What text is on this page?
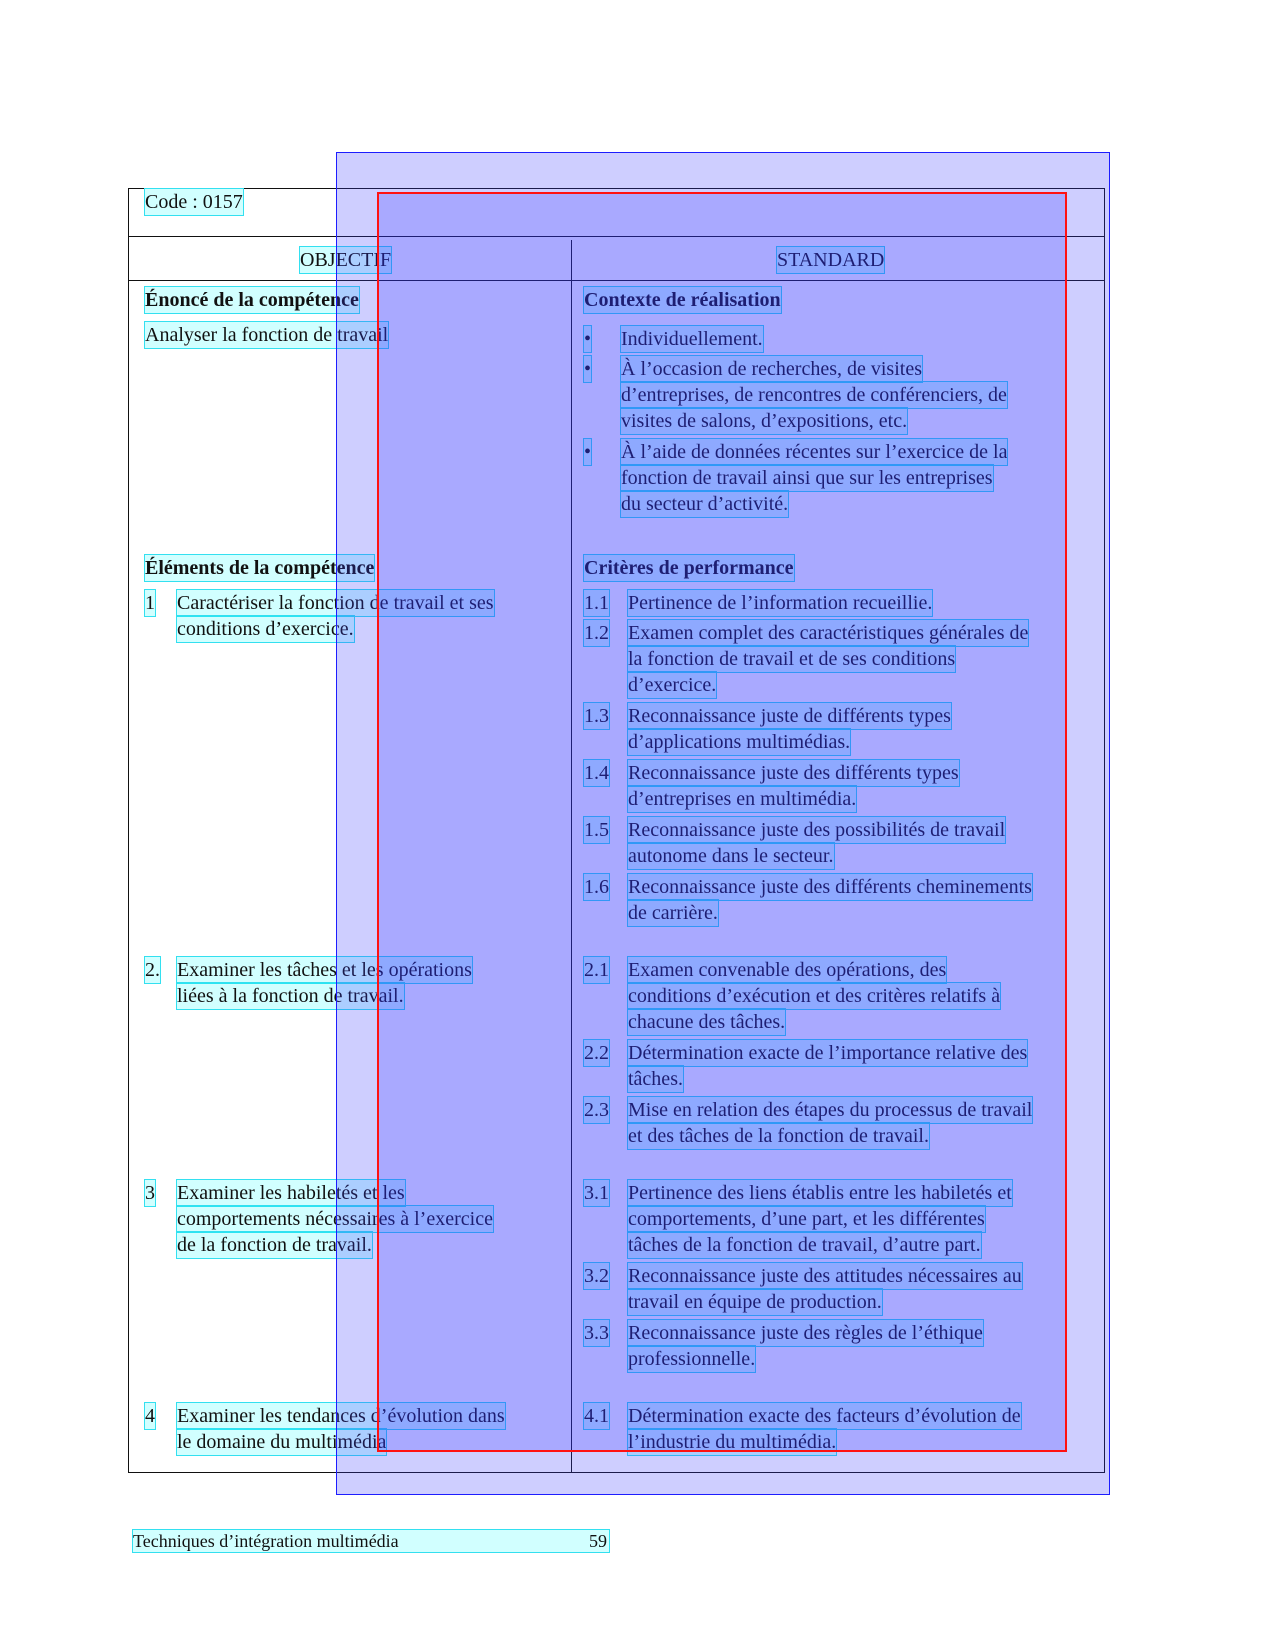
Code : 0157
OBJECTIF	STANDARD
Énoncé de la compétence
Analyser la fonction de travail
Éléments de la compétence
1 Caractériser la fonction de travail et ses
conditions d’exercice.
2. Examiner les tâches et les opérations
liées à la fonction de travail.
3 Examiner les habiletés et les
comportements nécessaires à l’exercice
de la fonction de travail.
4 Examiner les tendances d’évolution dans
le domaine du multimédia
Contexte de réalisation
• Individuellement.
• À l’occasion de recherches, de visites
d’entreprises, de rencontres de conférenciers, de
visites de salons, d’expositions, etc.
• À l’aide de données récentes sur l’exercice de la
fonction de travail ainsi que sur les entreprises
du secteur d’activité.
Critères de performance
1.1 Pertinence de l’information recueillie.
1.2 Examen complet des caractéristiques générales de
la fonction de travail et de ses conditions
d’exercice.
1.3 Reconnaissance juste de différents types
d’applications multimédias.
1.4 Reconnaissance juste des différents types
d’entreprises en multimédia.
1.5 Reconnaissance juste des possibilités de travail
autonome dans le secteur.
1.6 Reconnaissance juste des différents cheminements
de carrière.
2.1 Examen convenable des opérations, des
conditions d’exécution et des critères relatifs à
chacune des tâches.
2.2 Détermination exacte de l’importance relative des
tâches.
2.3 Mise en relation des étapes du processus de travail
et des tâches de la fonction de travail.
3.1 Pertinence des liens établis entre les habiletés et
comportements, d’une part, et les différentes
tâches de la fonction de travail, d’autre part.
3.2 Reconnaissance juste des attitudes nécessaires au
travail en équipe de production.
3.3 Reconnaissance juste des règles de l’éthique
professionnelle.
4.1 Détermination exacte des facteurs d’évolution de
l’industrie du multimédia.
Techniques d’intégration multimédia	59
